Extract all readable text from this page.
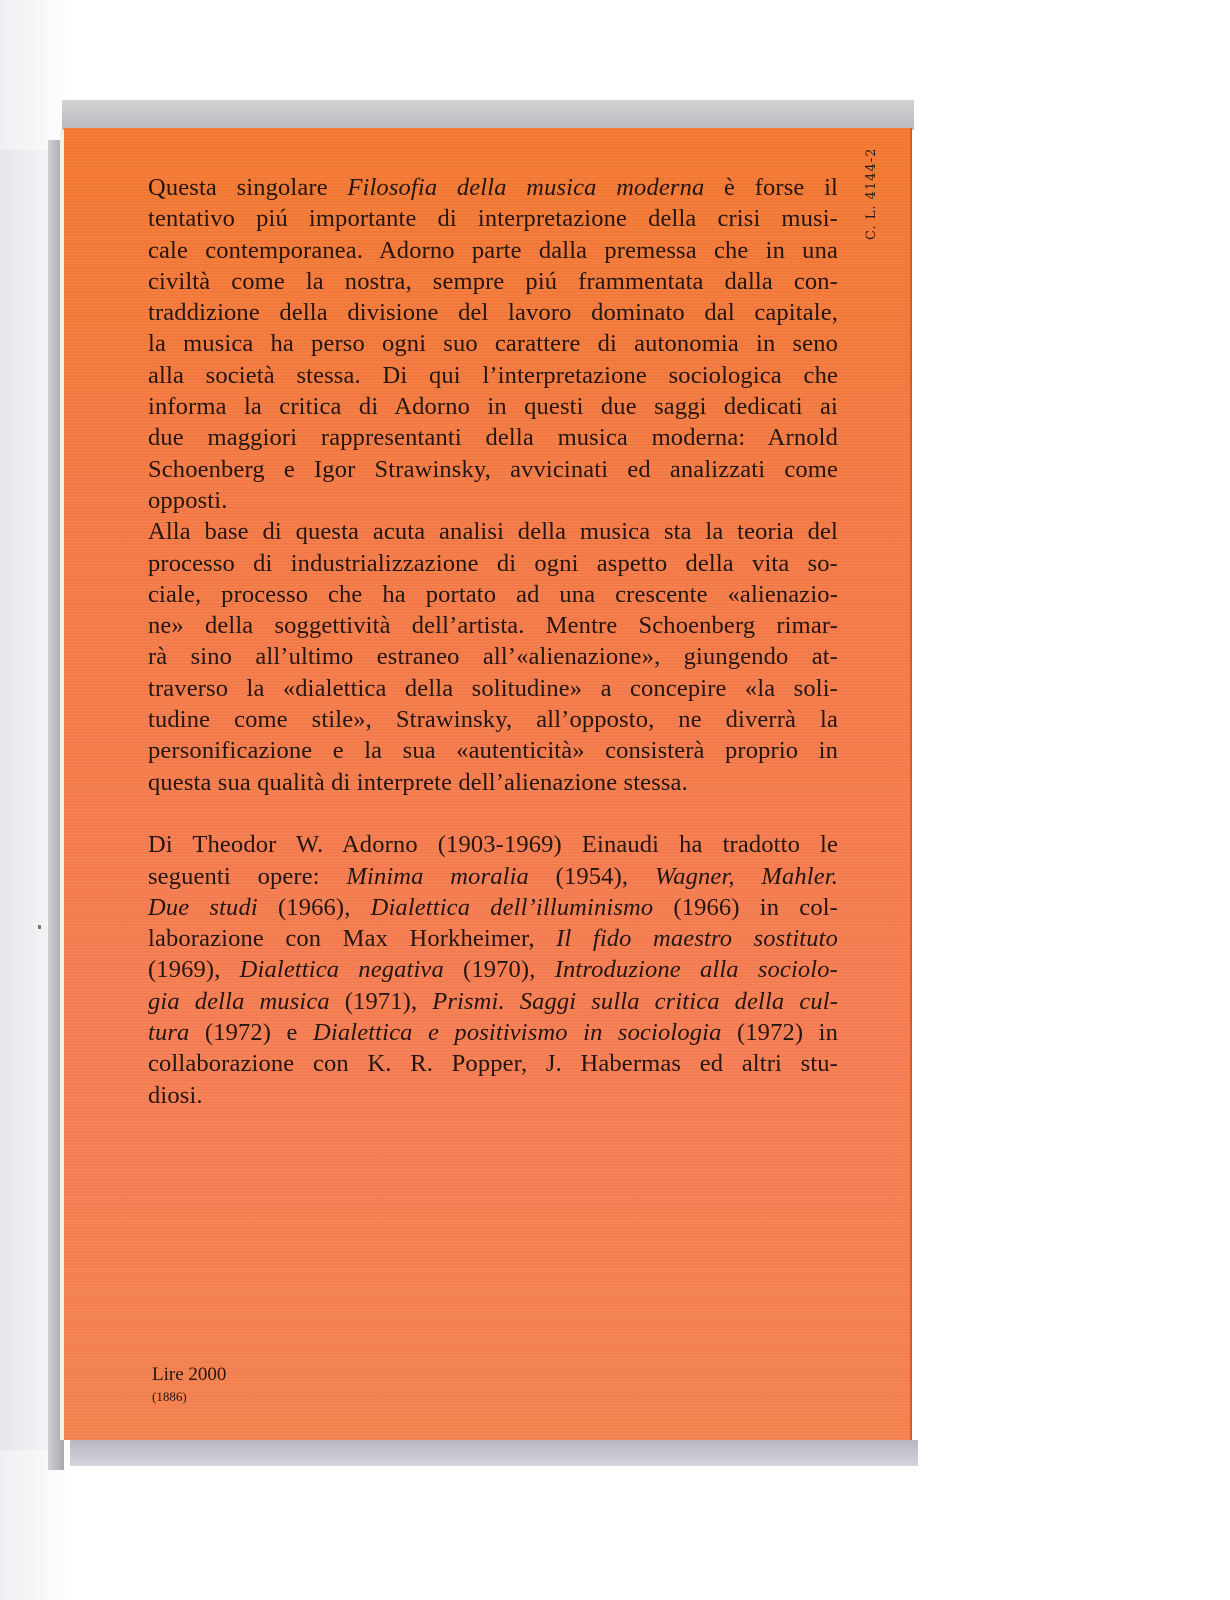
C. L. 4144-2
Questa singolare Filosofia della musica moderna è forse il
tentativo piú importante di interpretazione della crisi musi-
cale contemporanea. Adorno parte dalla premessa che in una
civiltà come la nostra, sempre piú frammentata dalla con-
traddizione della divisione del lavoro dominato dal capitale,
la musica ha perso ogni suo carattere di autonomia in seno
alla società stessa. Di qui l’interpretazione sociologica che
informa la critica di Adorno in questi due saggi dedicati ai
due maggiori rappresentanti della musica moderna: Arnold
Schoenberg e Igor Strawinsky, avvicinati ed analizzati come
opposti.
Alla base di questa acuta analisi della musica sta la teoria del
processo di industrializzazione di ogni aspetto della vita so-
ciale, processo che ha portato ad una crescente «alienazio-
ne» della soggettività dell’artista. Mentre Schoenberg rimar-
rà sino all’ultimo estraneo all’«alienazione», giungendo at-
traverso la «dialettica della solitudine» a concepire «la soli-
tudine come stile», Strawinsky, all’opposto, ne diverrà la
personificazione e la sua «autenticità» consisterà proprio in
questa sua qualità di interprete dell’alienazione stessa.
Di Theodor W. Adorno (1903-1969) Einaudi ha tradotto le
seguenti opere: Minima moralia (1954), Wagner, Mahler.
Due studi (1966), Dialettica dell’illuminismo (1966) in col-
laborazione con Max Horkheimer, Il fido maestro sostituto
(1969), Dialettica negativa (1970), Introduzione alla sociolo-
gia della musica (1971), Prismi. Saggi sulla critica della cul-
tura (1972) e Dialettica e positivismo in sociologia (1972) in
collaborazione con K. R. Popper, J. Habermas ed altri stu-
diosi.
Lire 2000
(1886)
